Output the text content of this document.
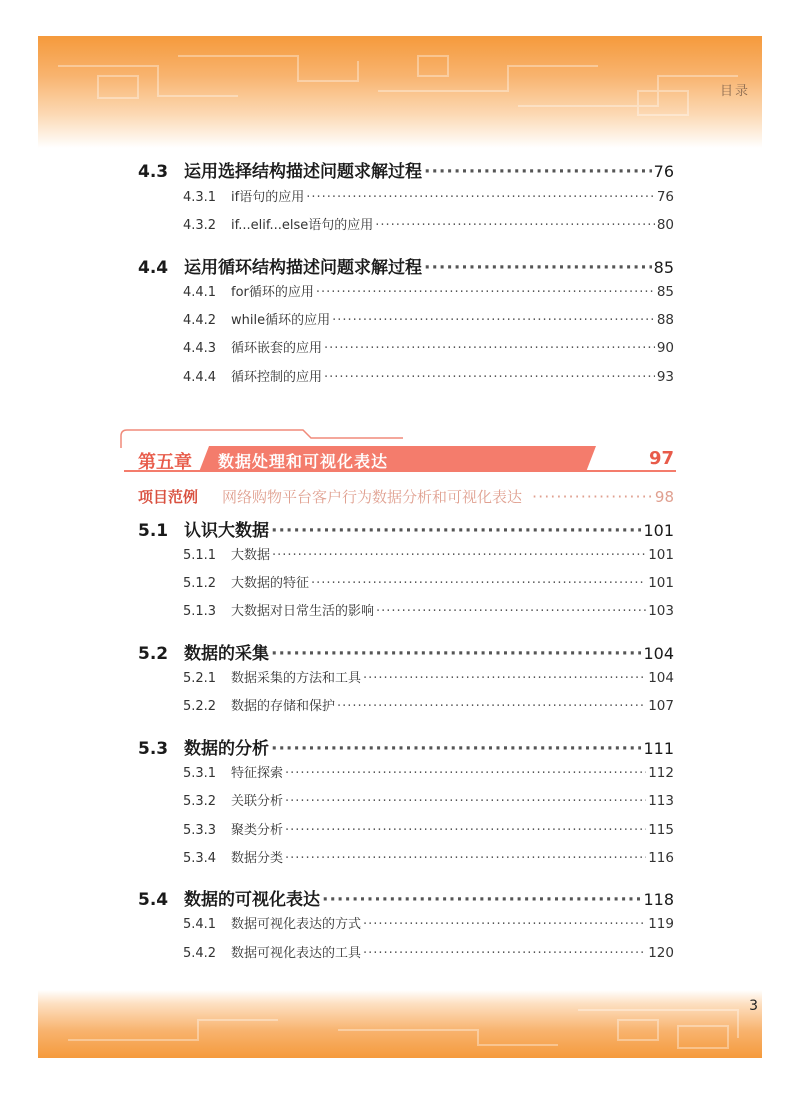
目录
4.3 运用选择结构描述问题求解过程 ·····	76
4.3.1	if语句的应用 ·····	76
4.3.2	if...elif...else语句的应用 ·····	80
4.4 运用循环结构描述问题求解过程 ·····	85
4.4.1	for循环的应用 ·····	85
4.4.2	while循环的应用 ·····	88
4.4.3	循环嵌套的应用 ·····	90
4.4.4	循环控制的应用 ·····	93
第五章 数据处理和可视化表达	97
项目范例	网络购物平台客户行为数据分析和可视化表达 ·····	98
5.1 认识大数据 ·····	101
5.1.1	大数据 ·····	101
5.1.2	大数据的特征 ·····	101
5.1.3	大数据对日常生活的影响 ·····	103
5.2 数据的采集 ·····	104
5.2.1	数据采集的方法和工具 ·····	104
5.2.2	数据的存储和保护 ·····	107
5.3 数据的分析 ·····	111
5.3.1	特征探索 ·····	112
5.3.2	关联分析 ·····	113
5.3.3	聚类分析 ·····	115
5.3.4	数据分类 ·····	116
5.4 数据的可视化表达 ·····	118
5.4.1	数据可视化表达的方式 ·····	119
5.4.2	数据可视化表达的工具 ·····	120
3
